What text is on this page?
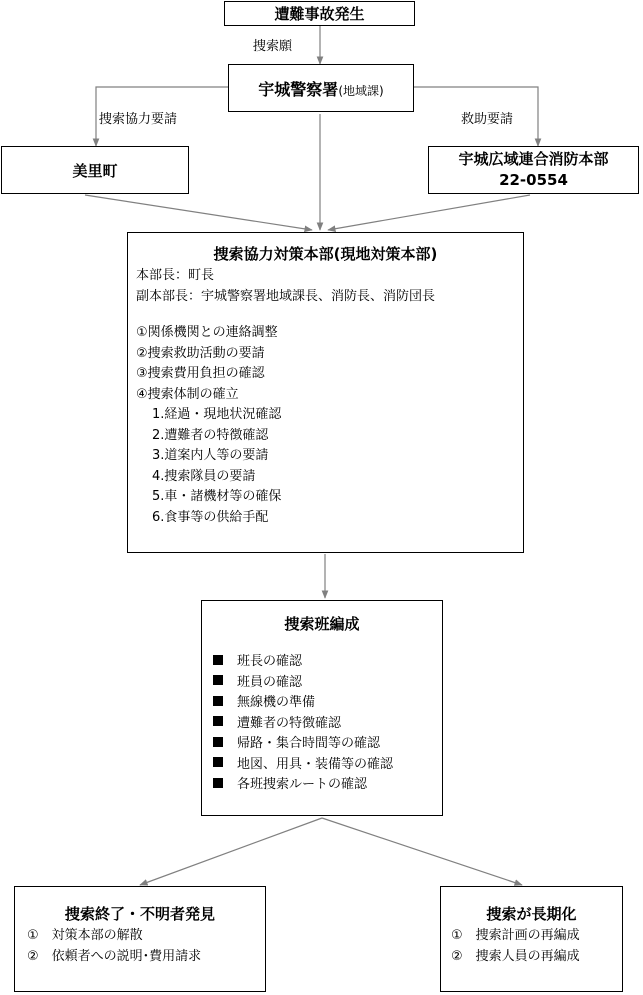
遭難事故発生
捜索願
宇城警察署(地域課)
捜索協力要請	救助要請
美里町
宇城広域連合消防本部
22-0554
捜索協力対策本部(現地対策本部)
本部長：町長
副本部長：宇城警察署地域課長、消防長、消防団長
①関係機関との連絡調整
②捜索救助活動の要請
③捜索費用負担の確認
④捜索体制の確立
1.経過・現地状況確認
2.遭難者の特徴確認
3.道案内人等の要請
4.捜索隊員の要請
5.車・諸機材等の確保
6.食事等の供給手配
捜索班編成
班長の確認
班員の確認
無線機の準備
遭難者の特徴確認
帰路・集合時間等の確認
地図、用具・装備等の確認
各班捜索ルートの確認
捜索終了・不明者発見
①　対策本部の解散
②　依頼者への説明･費用請求
捜索が長期化
①　捜索計画の再編成
②　捜索人員の再編成
